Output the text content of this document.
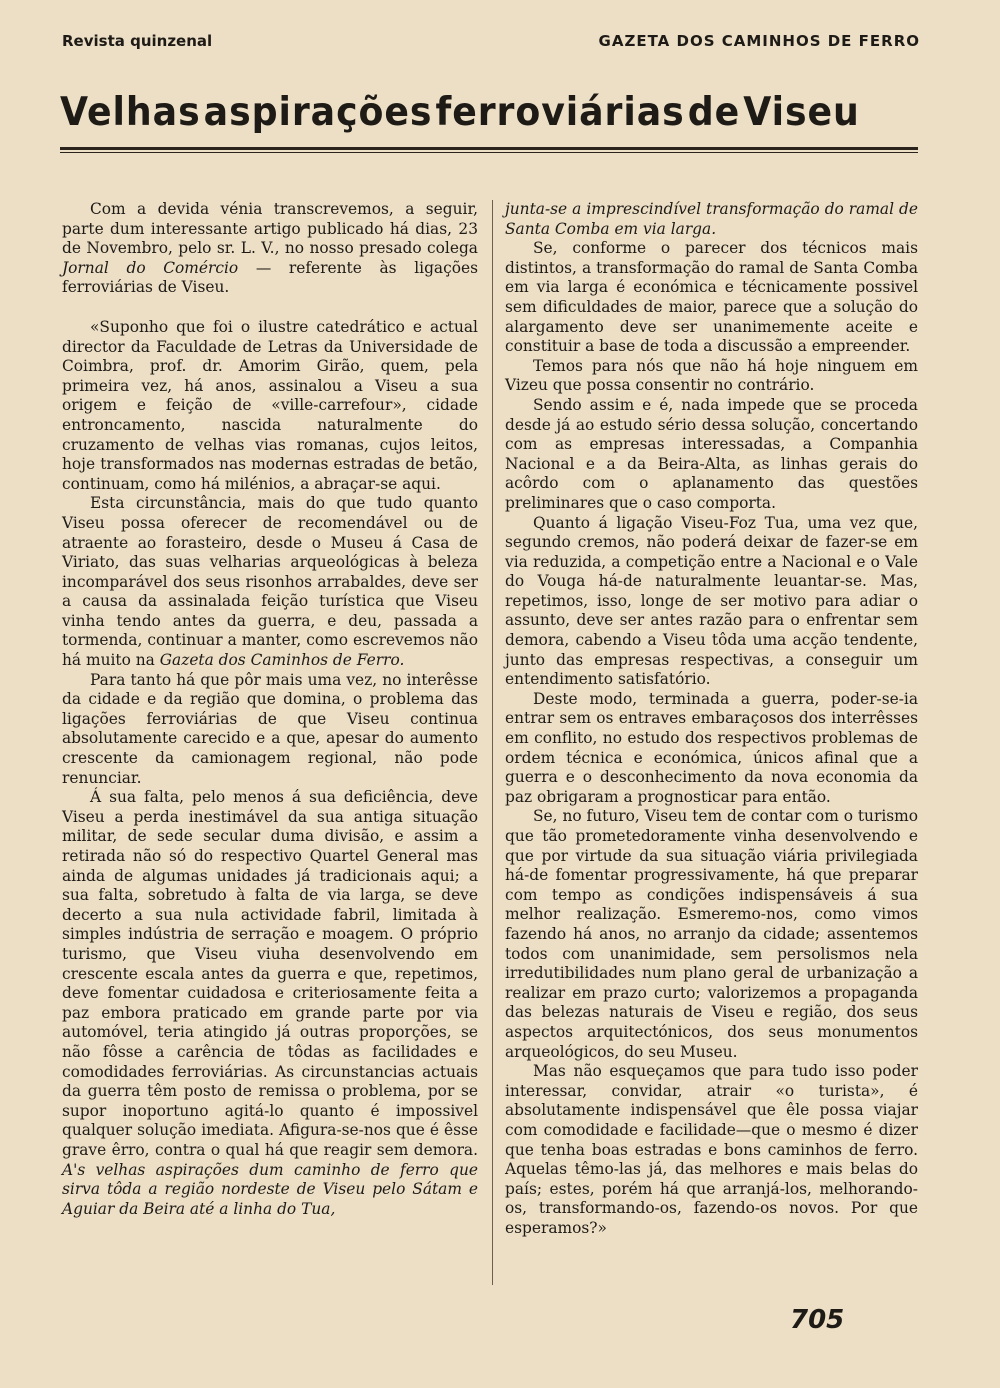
Revista quinzenal	GAZETA DOS CAMINHOS DE FERRO
Velhas aspirações ferroviárias de Viseu

Com a devida vénia transcrevemos, a seguir, parte dum interessante artigo publicado há dias, 23 de Novembro, pelo sr. L. V., no nosso presado colega Jornal do Comércio — referente às ligações ferroviárias de Viseu.

«Suponho que foi o ilustre catedrático e actual director da Faculdade de Letras da Universidade de Coimbra, prof. dr. Amorim Girão, quem, pela primeira vez, há anos, assinalou a Viseu a sua origem e feição de «ville-carrefour», cidade entroncamento, nascida naturalmente do cruzamento de velhas vias romanas, cujos leitos, hoje transformados nas modernas estradas de betão, continuam, como há milénios, a abraçar-se aqui.

Esta circunstância, mais do que tudo quanto Viseu possa oferecer de recomendável ou de atraente ao forasteiro, desde o Museu á Casa de Viriato, das suas velharias arqueológicas à beleza incomparável dos seus risonhos arrabaldes, deve ser a causa da assinalada feição turística que Viseu vinha tendo antes da guerra, e deu, passada a tormenda, continuar a manter, como escrevemos não há muito na Gazeta dos Caminhos de Ferro.

Para tanto há que pôr mais uma vez, no interêsse da cidade e da região que domina, o problema das ligações ferroviárias de que Viseu continua absolutamente carecido e a que, apesar do aumento crescente da camionagem regional, não pode renunciar.

Á sua falta, pelo menos á sua deficiência, deve Viseu a perda inestimável da sua antiga situação militar, de sede secular duma divisão, e assim a retirada não só do respectivo Quartel General mas ainda de algumas unidades já tradicionais aqui; a sua falta, sobretudo à falta de via larga, se deve decerto a sua nula actividade fabril, limitada à simples indústria de serração e moagem. O próprio turismo, que Viseu viuha desenvolvendo em crescente escala antes da guerra e que, repetimos, deve fomentar cuidadosa e criteriosamente feita a paz embora praticado em grande parte por via automóvel, teria atingido já outras proporções, se não fôsse a carência de tôdas as facilidades e comodidades ferroviárias. As circunstancias actuais da guerra têm posto de remissa o problema, por se supor inoportuno agitá-lo quanto é impossivel qualquer solução imediata. Afigura-se-nos que é êsse grave êrro, contra o qual há que reagir sem demora. A's velhas aspirações dum caminho de ferro que sirva tôda a região nordeste de Viseu pelo Sátam e Aguiar da Beira até a linha do Tua,

junta-se a imprescindível transformação do ramal de Santa Comba em via larga.

Se, conforme o parecer dos técnicos mais distintos, a transformação do ramal de Santa Comba em via larga é económica e técnicamente possivel sem dificuldades de maior, parece que a solução do alargamento deve ser unanimemente aceite e constituir a base de toda a discussão a empreender.

Temos para nós que não há hoje ninguem em Vizeu que possa consentir no contrário.

Sendo assim e é, nada impede que se proceda desde já ao estudo sério dessa solução, concertando com as empresas interessadas, a Companhia Nacional e a da Beira-Alta, as linhas gerais do acôrdo com o aplanamento das questões preliminares que o caso comporta.

Quanto á ligação Viseu-Foz Tua, uma vez que, segundo cremos, não poderá deixar de fazer-se em via reduzida, a competição entre a Nacional e o Vale do Vouga há-de naturalmente leuantar-se. Mas, repetimos, isso, longe de ser motivo para adiar o assunto, deve ser antes razão para o enfrentar sem demora, cabendo a Viseu tôda uma acção tendente, junto das empresas respectivas, a conseguir um entendimento satisfatório.

Deste modo, terminada a guerra, poder-se-ia entrar sem os entraves embaraçosos dos interrêsses em conflito, no estudo dos respectivos problemas de ordem técnica e económica, únicos afinal que a guerra e o desconhecimento da nova economia da paz obrigaram a prognosticar para então.

Se, no futuro, Viseu tem de contar com o turismo que tão prometedoramente vinha desenvolvendo e que por virtude da sua situação viária privilegiada há-de fomentar progressivamente, há que preparar com tempo as condições indispensáveis á sua melhor realização. Esmeremo-nos, como vimos fazendo há anos, no arranjo da cidade; assentemos todos com unanimidade, sem persolismos nela irredutibilidades num plano geral de urbanização a realizar em prazo curto; valorizemos a propaganda das belezas naturais de Viseu e região, dos seus aspectos arquitectónicos, dos seus monumentos arqueológicos, do seu Museu.

Mas não esqueçamos que para tudo isso poder interessar, convidar, atrair «o turista», é absolutamente indispensável que êle possa viajar com comodidade e facilidade—que o mesmo é dizer que tenha boas estradas e bons caminhos de ferro. Aquelas têmo-las já, das melhores e mais belas do país; estes, porém há que arranjá-los, melhorando-os, transformando-os, fazendo-os novos. Por que esperamos?»

705
